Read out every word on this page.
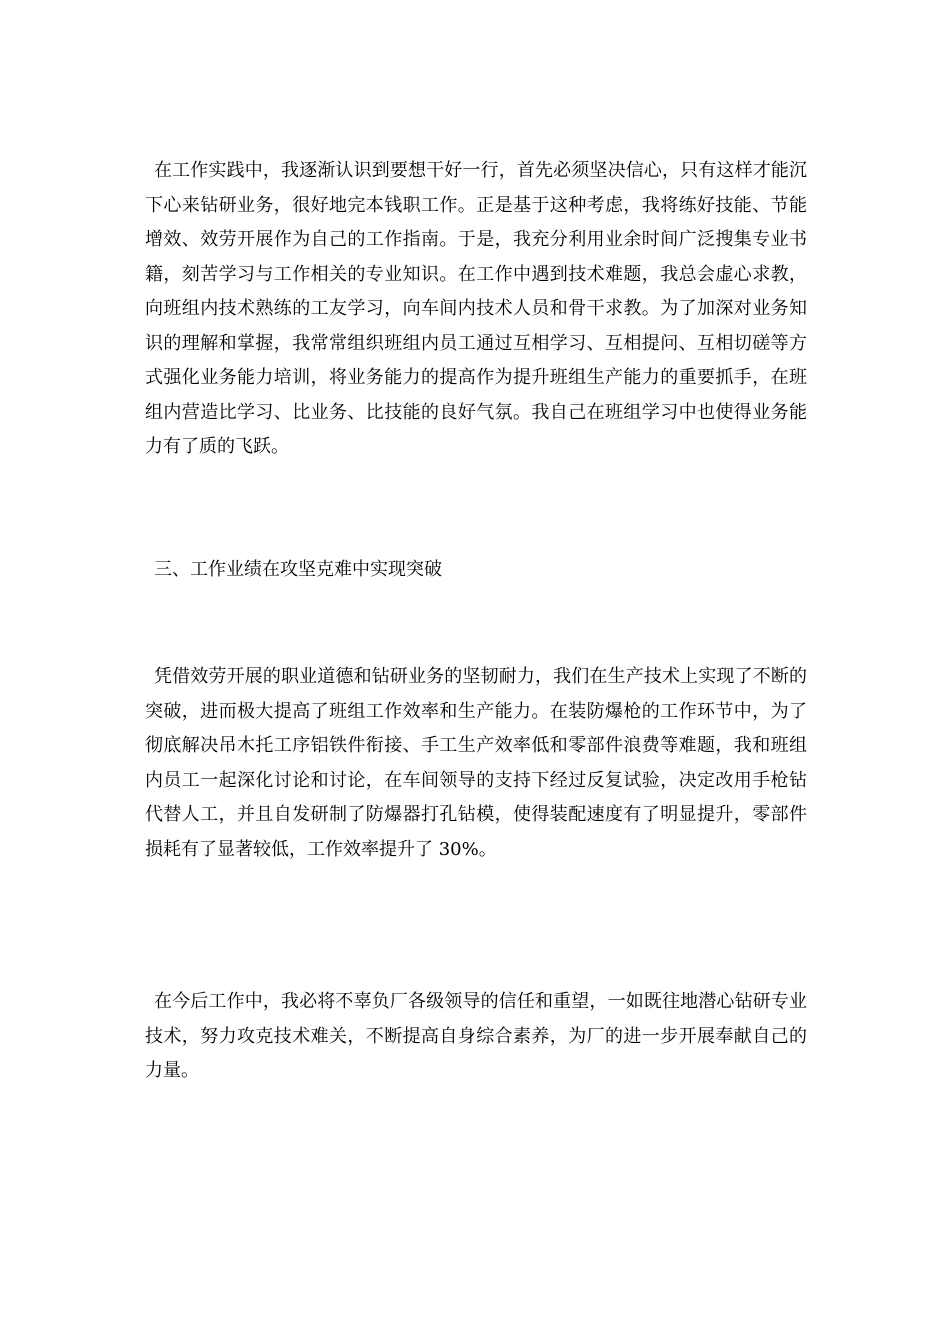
在工作实践中，我逐渐认识到要想干好一行，首先必须坚决信心，只有这样才能沉下心来钻研业务，很好地完本钱职工作。正是基于这种考虑，我将练好技能、节能增效、效劳开展作为自己的工作指南。于是，我充分利用业余时间广泛搜集专业书籍，刻苦学习与工作相关的专业知识。在工作中遇到技术难题，我总会虚心求教，向班组内技术熟练的工友学习，向车间内技术人员和骨干求教。为了加深对业务知识的理解和掌握，我常常组织班组内员工通过互相学习、互相提问、互相切磋等方式强化业务能力培训，将业务能力的提高作为提升班组生产能力的重要抓手，在班组内营造比学习、比业务、比技能的良好气氛。我自己在班组学习中也使得业务能力有了质的飞跃。

三、工作业绩在攻坚克难中实现突破

凭借效劳开展的职业道德和钻研业务的坚韧耐力，我们在生产技术上实现了不断的突破，进而极大提高了班组工作效率和生产能力。在装防爆枪的工作环节中，为了彻底解决吊木托工序铝铁件衔接、手工生产效率低和零部件浪费等难题，我和班组内员工一起深化讨论和讨论，在车间领导的支持下经过反复试验，决定改用手枪钻代替人工，并且自发研制了防爆器打孔钻模，使得装配速度有了明显提升，零部件损耗有了显著较低，工作效率提升了 30%。

在今后工作中，我必将不辜负厂各级领导的信任和重望，一如既往地潜心钻研专业技术，努力攻克技术难关，不断提高自身综合素养，为厂的进一步开展奉献自己的力量。
